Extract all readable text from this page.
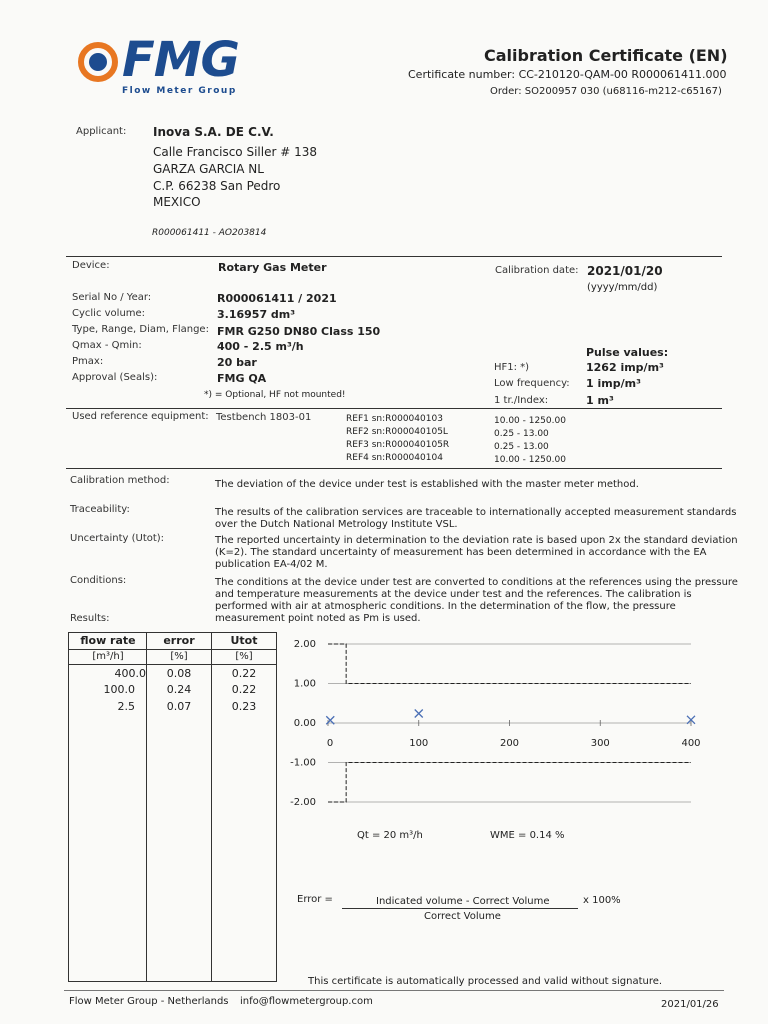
FMG
Flow Meter Group
Calibration Certificate (EN)
Certificate number: CC-210120-QAM-00 R000061411.000
Order: SO200957 030 (u68116-m212-c65167)
Applicant: Inova S.A. DE C.V.
Calle Francisco Siller # 138
GARZA GARCIA NL
C.P. 66238 San Pedro
MEXICO
R000061411 - AO203814
Device:	Rotary Gas Meter	Calibration date: 2021/01/20
(yyyy/mm/dd)
Serial No / Year:	R000061411 / 2021
Cyclic volume:	3.16957 dm³
Type, Range, Diam, Flange: FMR G250 DN80 Class 150
Qmax - Qmin:	400 - 2.5 m³/h
Pmax:	20 bar
Approval (Seals):	FMG QA
*) = Optional, HF not mounted!
Pulse values:
HF1: *)	1262 imp/m³
Low frequency: 1 imp/m³
1 tr./Index:	1 m³
Used reference equipment: Testbench 1803-01	REF1 sn:R000040103	10.00 - 1250.00
REF2 sn:R000040105L	0.25 - 13.00
REF3 sn:R000040105R	0.25 - 13.00
REF4 sn:R000040104	10.00 - 1250.00
Calibration method:	The deviation of the device under test is established with the master meter method.
Traceability:	The results of the calibration services are traceable to internationally accepted measurement standards
over the Dutch National Metrology Institute VSL.
Uncertainty (Utot):	The reported uncertainty in determination to the deviation rate is based upon 2x the standard deviation
(K=2). The standard uncertainty of measurement has been determined in accordance with the EA
publication EA-4/02 M.
Conditions:	The conditions at the device under test are converted to conditions at the references using the pressure
and temperature measurements at the device under test and the references. The calibration is
performed with air at atmospheric conditions. In the determination of the flow, the pressure
measurement point noted as Pm is used.
Results:
flow rate	error	Utot
[m³/h]	[%]	[%]
400.0	0.08	0.22
100.0	0.24	0.22
2.5	0.07	0.23
2.00
1.00
0.00
-1.00
-2.00
0	100	200	300	400
Qt = 20 m³/h	WME = 0.14 %
Error =	Indicated volume - Correct Volume
Correct Volume
x 100%
This certificate is automatically processed and valid without signature.
Flow Meter Group - Netherlands info@flowmetergroup.com	2021/01/26
